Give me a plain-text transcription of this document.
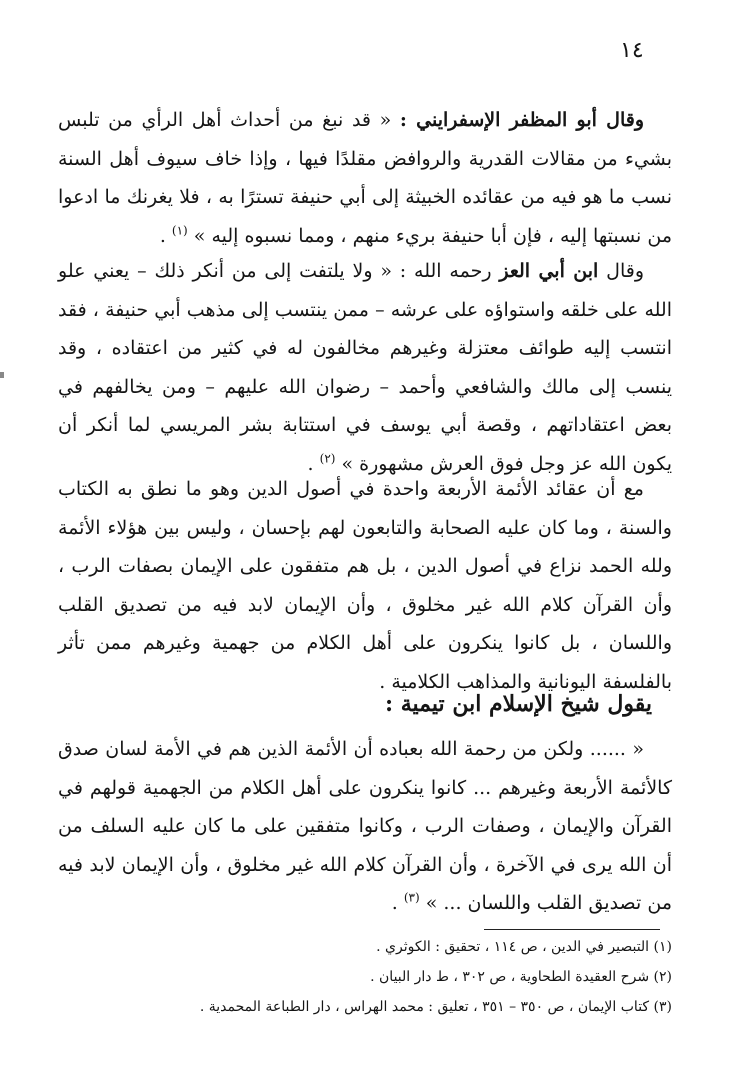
١٤
وقال أبو المظفر الإسفرايني : « قد نبغ من أحداث أهل الرأي من تلبس بشيء من مقالات القدرية والروافض مقلدًا فيها ، وإذا خاف سيوف أهل السنة نسب ما هو فيه من عقائده الخبيثة إلى أبي حنيفة تسترًا به ، فلا يغرنك ما ادعوا من نسبتها إليه ، فإن أبا حنيفة بريء منهم ، ومما نسبوه إليه » $^{(١)}$ .
وقال ابن أبي العز رحمه الله : « ولا يلتفت إلى من أنكر ذلك – يعني علو الله على خلقه واستواؤه على عرشه – ممن ينتسب إلى مذهب أبي حنيفة ، فقد انتسب إليه طوائف معتزلة وغيرهم مخالفون له في كثير من اعتقاده ، وقد ينسب إلى مالك والشافعي وأحمد – رضوان الله عليهم – ومن يخالفهم في بعض اعتقاداتهم ، وقصة أبي يوسف في استتابة بشر المريسي لما أنكر أن يكون الله عز وجل فوق العرش مشهورة » $^{(٢)}$ .
مع أن عقائد الأئمة الأربعة واحدة في أصول الدين وهو ما نطق به الكتاب والسنة ، وما كان عليه الصحابة والتابعون لهم بإحسان ، وليس بين هؤلاء الأئمة ولله الحمد نزاع في أصول الدين ، بل هم متفقون على الإيمان بصفات الرب ، وأن القرآن كلام الله غير مخلوق ، وأن الإيمان لابد فيه من تصديق القلب واللسان ، بل كانوا ينكرون على أهل الكلام من جهمية وغيرهم ممن تأثر بالفلسفة اليونانية والمذاهب الكلامية .
يقول شيخ الإسلام ابن تيمية :
« ...... ولكن من رحمة الله بعباده أن الأئمة الذين هم في الأمة لسان صدق كالأئمة الأربعة وغيرهم ... كانوا ينكرون على أهل الكلام من الجهمية قولهم في القرآن والإيمان ، وصفات الرب ، وكانوا متفقين على ما كان عليه السلف من أن الله يرى في الآخرة ، وأن القرآن كلام الله غير مخلوق ، وأن الإيمان لابد فيه من تصديق القلب واللسان ... » $^{(٣)}$ .
(١) التبصير في الدين ، ص ١١٤ ، تحقيق : الكوثري .
(٢) شرح العقيدة الطحاوية ، ص ٣٠٢ ، ط دار البيان .
(٣) كتاب الإيمان ، ص ٣٥٠ – ٣٥١ ، تعليق : محمد الهراس ، دار الطباعة المحمدية .
